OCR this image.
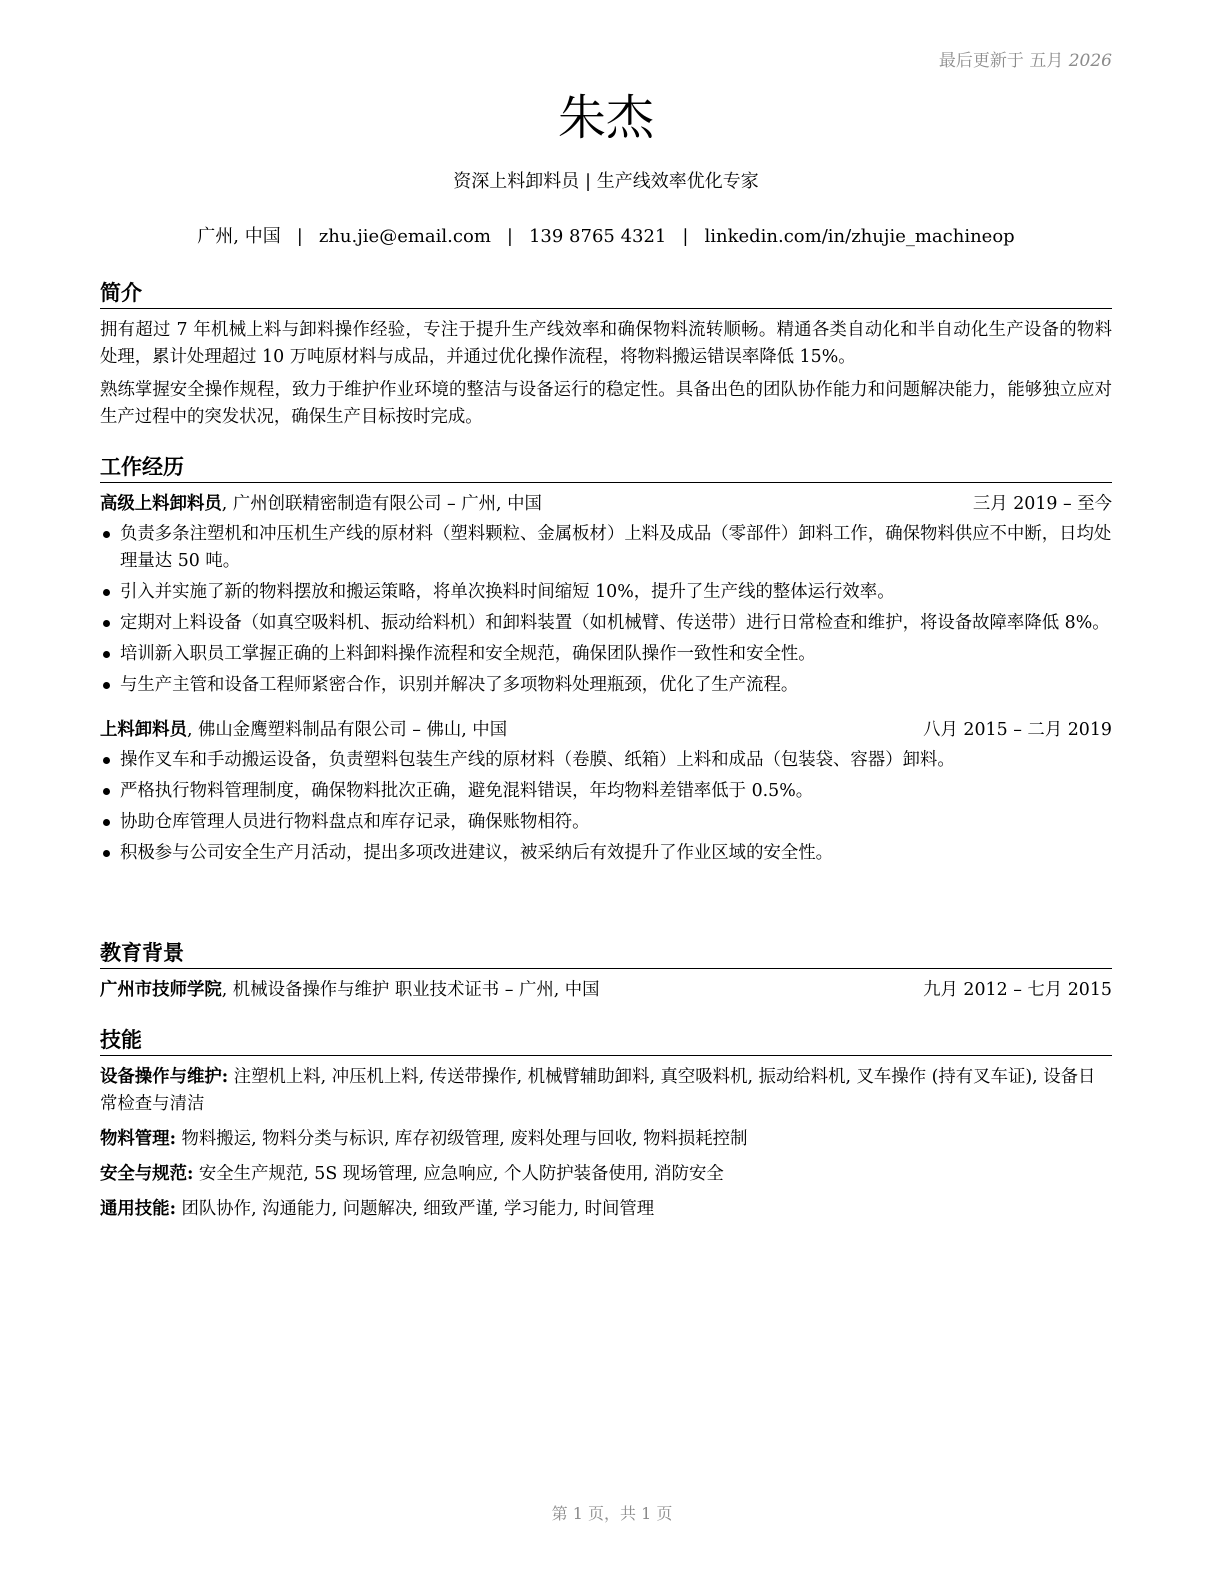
最后更新于 五月 2026
朱杰
资深上料卸料员 | 生产线效率优化专家
广州, 中国 | zhu.jie@email.com | 139 8765 4321 | linkedin.com/in/zhujie_machineop
简介

拥有超过 7 年机械上料与卸料操作经验，专注于提升生产线效率和确保物料流转顺畅。精通各类自动化和半自动化生产设备的物料处理，累计处理超过 10 万吨原材料与成品，并通过优化操作流程，将物料搬运错误率降低 15%。

熟练掌握安全操作规程，致力于维护作业环境的整洁与设备运行的稳定性。具备出色的团队协作能力和问题解决能力，能够独立应对生产过程中的突发状况，确保生产目标按时完成。

工作经历
高级上料卸料员, 广州创联精密制造有限公司 – 广州, 中国	三月 2019 – 至今
负责多条注塑机和冲压机生产线的原材料（塑料颗粒、金属板材）上料及成品（零部件）卸料工作，确保物料供应不中断，日均处理量达 50 吨。
引入并实施了新的物料摆放和搬运策略，将单次换料时间缩短 10%，提升了生产线的整体运行效率。
定期对上料设备（如真空吸料机、振动给料机）和卸料装置（如机械臂、传送带）进行日常检查和维护，将设备故障率降低 8%。
培训新入职员工掌握正确的上料卸料操作流程和安全规范，确保团队操作一致性和安全性。
与生产主管和设备工程师紧密合作，识别并解决了多项物料处理瓶颈，优化了生产流程。
上料卸料员, 佛山金鹰塑料制品有限公司 – 佛山, 中国	八月 2015 – 二月 2019
操作叉车和手动搬运设备，负责塑料包装生产线的原材料（卷膜、纸箱）上料和成品（包装袋、容器）卸料。
严格执行物料管理制度，确保物料批次正确，避免混料错误，年均物料差错率低于 0.5%。
协助仓库管理人员进行物料盘点和库存记录，确保账物相符。
积极参与公司安全生产月活动，提出多项改进建议，被采纳后有效提升了作业区域的安全性。
教育背景
广州市技师学院, 机械设备操作与维护 职业技术证书 – 广州, 中国	九月 2012 – 七月 2015
技能

设备操作与维护: 注塑机上料, 冲压机上料, 传送带操作, 机械臂辅助卸料, 真空吸料机, 振动给料机, 叉车操作 (持有叉车证), 设备日常检查与清洁

物料管理: 物料搬运, 物料分类与标识, 库存初级管理, 废料处理与回收, 物料损耗控制

安全与规范: 安全生产规范, 5S 现场管理, 应急响应, 个人防护装备使用, 消防安全

通用技能: 团队协作, 沟通能力, 问题解决, 细致严谨, 学习能力, 时间管理

第 1 页，共 1 页
